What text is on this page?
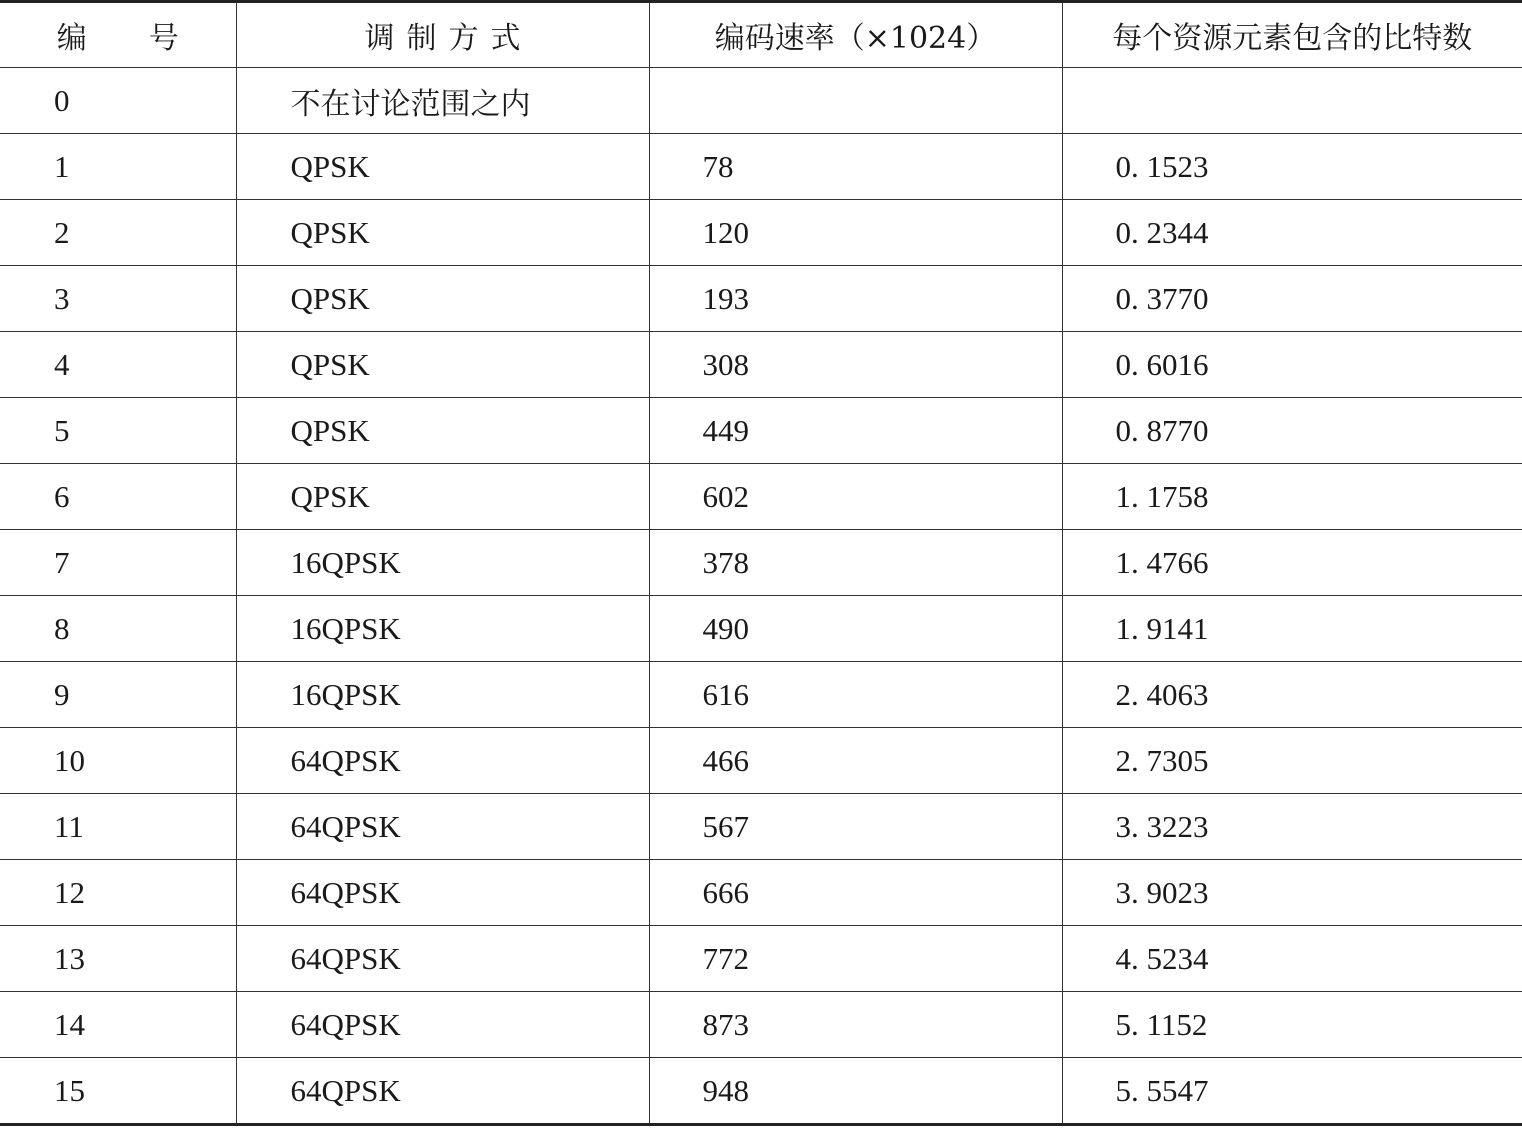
编 号	调制方式	编码速率（×1024）	每个资源元素包含的比特数
0	不在讨论范围之内		
1	QPSK	78	0. 1523
2	QPSK	120	0. 2344
3	QPSK	193	0. 3770
4	QPSK	308	0. 6016
5	QPSK	449	0. 8770
6	QPSK	602	1. 1758
7	16QPSK	378	1. 4766
8	16QPSK	490	1. 9141
9	16QPSK	616	2. 4063
10	64QPSK	466	2. 7305
11	64QPSK	567	3. 3223
12	64QPSK	666	3. 9023
13	64QPSK	772	4. 5234
14	64QPSK	873	5. 1152
15	64QPSK	948	5. 5547
